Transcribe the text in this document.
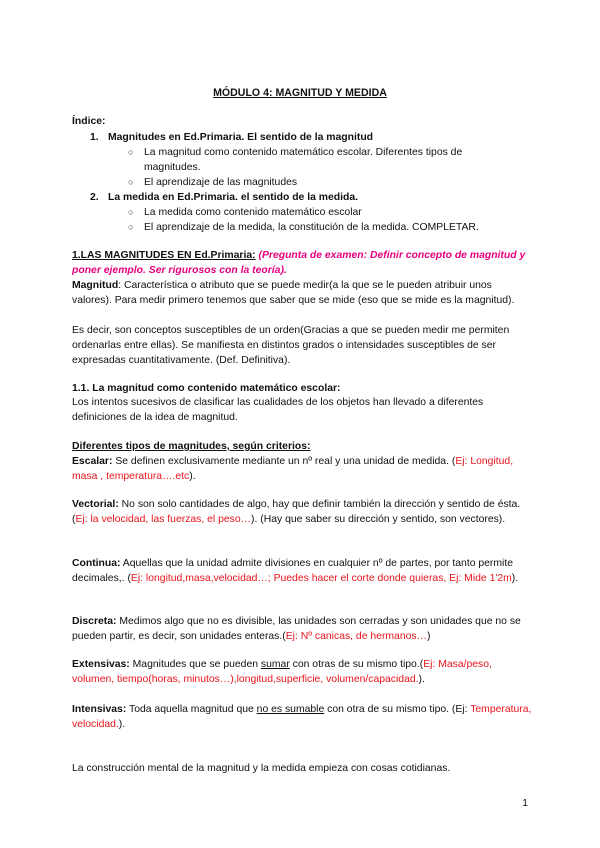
MÓDULO 4: MAGNITUD Y MEDIDA
Índice:
1. Magnitudes en Ed.Primaria. El sentido de la magnitud
○ La magnitud como contenido matemático escolar. Diferentes tipos de magnitudes.
○ El aprendizaje de las magnitudes
2. La medida en Ed.Primaria. el sentido de la medida.
○ La medida como contenido matemático escolar
○ El aprendizaje de la medida, la constitución de la medida. COMPLETAR.
1.LAS MAGNITUDES EN Ed.Primaria: (Pregunta de examen: Definir concepto de magnitud y poner ejemplo. Ser rigurosos con la teoría).
Magnitud: Característica o atributo que se puede medir(a la que se le pueden atribuir unos valores). Para medir primero tenemos que saber que se mide (eso que se mide es la magnitud).
Es decir, son conceptos susceptibles de un orden(Gracias a que se pueden medir me permiten ordenarlas entre ellas). Se manifiesta en distintos grados o intensidades susceptibles de ser expresadas cuantitativamente. (Def. Definitiva).
1.1. La magnitud como contenido matemático escolar:
Los intentos sucesivos de clasificar las cualidades de los objetos han llevado a diferentes definiciones de la idea de magnitud.
Diferentes tipos de magnitudes, según criterios:
Escalar: Se definen exclusivamente mediante un nº real y una unidad de medida. (Ej: Longitud, masa , temperatura….etc).
Vectorial: No son solo cantidades de algo, hay que definir también la dirección y sentido de ésta. (Ej: la velocidad, las fuerzas, el peso…). (Hay que saber su dirección y sentido, son vectores).
Continua: Aquellas que la unidad admite divisiones en cualquier nº de partes, por tanto permite decimales,. (Ej: longitud,masa,velocidad…; Puedes hacer el corte donde quieras, Ej: Mide 1'2m).
Discreta: Medimos algo que no es divisible, las unidades son cerradas y son unidades que no se pueden partir, es decir, son unidades enteras.(Ej: Nº canicas, de hermanos…)
Extensivas: Magnitudes que se pueden sumar con otras de su mismo tipo.(Ej: Masa/peso, volumen, tiempo(horas, minutos…),longitud,superficie, volumen/capacidad.).
Intensivas: Toda aquella magnitud que no es sumable con otra de su mismo tipo. (Ej: Temperatura, velocidad.).
La construcción mental de la magnitud y la medida empieza con cosas cotidianas.
1
